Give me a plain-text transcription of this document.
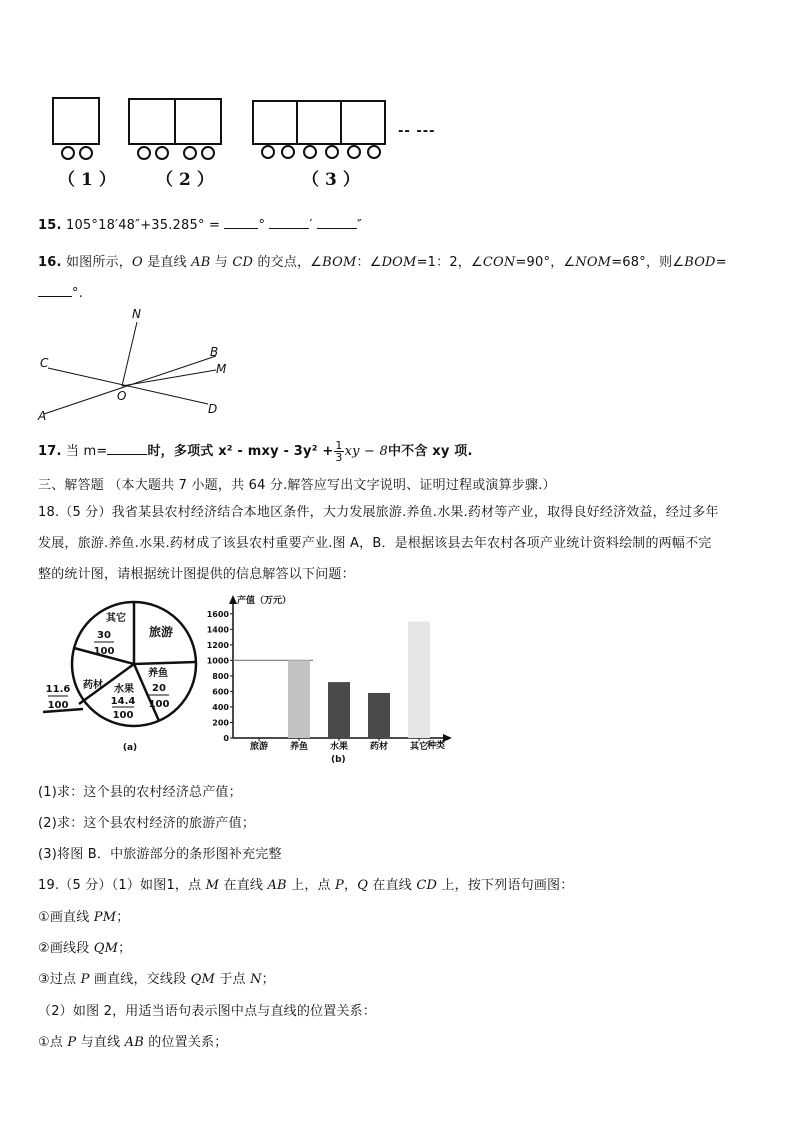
（1） （2）	（3）
-- ---
15. 105°18′48″+35.285° =	°	′	″
16. 如图所示，O 是直线 AB 与 CD 的交点，∠BOM：∠DOM=1：2，∠CON=90°，∠NOM=68°，则∠BOD=
°.
N
B
M
C
O
A	D
17. 当 m=	时，多项式 x² - mxy - $3y^2 + \frac{1}{3}$ xy − 8中不含 xy 项.
三、解答题 （本大题共 7 小题，共 64 分.解答应写出文字说明、证明过程或演算步骤.）
18.（5 分）我省某县农村经济结合本地区条件，大力发展旅游.养鱼.水果.药材等产业，取得良好经济效益，经过多年
发展，旅游.养鱼.水果.药材成了该县农村重要产业.图 A，B．是根据该县去年农村各项产业统计资料绘制的两幅不完
整的统计图，请根据统计图提供的信息解答以下问题：
其它
30
100
旅游
养鱼
20
100
水果
14.4
100
药材
11.6
100
(a)
0
200
400
600
800
1000
1200
1400
1600
旅游 养鱼 水果 药材 其它
产值（万元）
种类
(b)
(1)求：这个县的农村经济总产值；
(2)求：这个县农村经济的旅游产值；
(3)将图 B．中旅游部分的条形图补充完整
19.（5 分）（1）如图1，点 M 在直线 AB 上，点 P，Q 在直线 CD 上，按下列语句画图：
①画直线 PM；
②画线段 QM；
③过点 P 画直线，交线段 QM 于点 N；
（2）如图 2，用适当语句表示图中点与直线的位置关系：
①点 P 与直线 AB 的位置关系；
